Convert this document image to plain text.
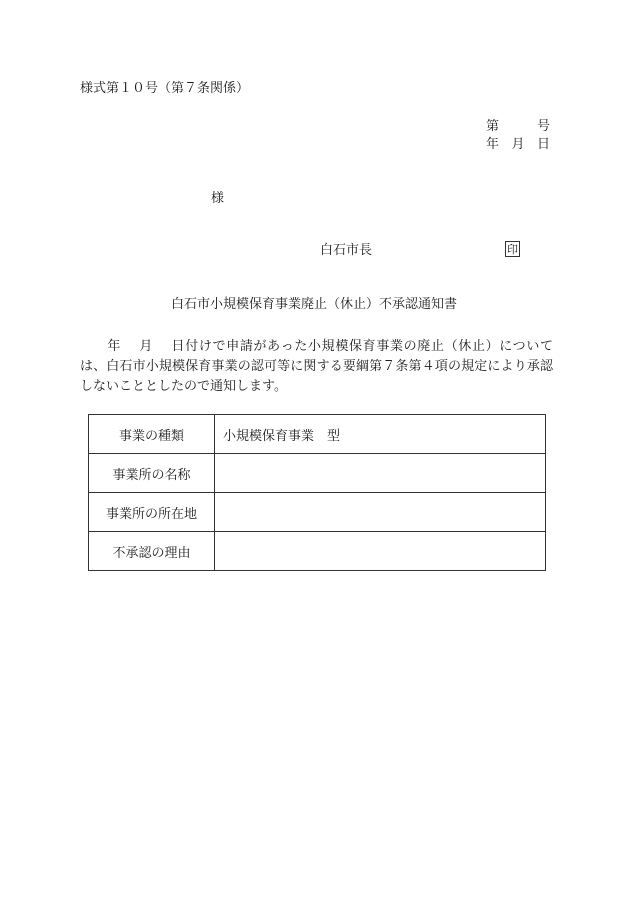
様式第１０号（第７条関係）
第	号
年 月 日
様
白石市長	印
白石市小規模保育事業廃止（休止）不承認通知書
　　年　 月　 日付けで申請があった小規模保育事業の廃止（休止）については、白石市小規模保育事業の認可等に関する要綱第７条第４項の規定により承認しないこととしたので通知します。
事業の種類	小規模保育事業　型
事業所の名称	
事業所の所在地	
不承認の理由	
